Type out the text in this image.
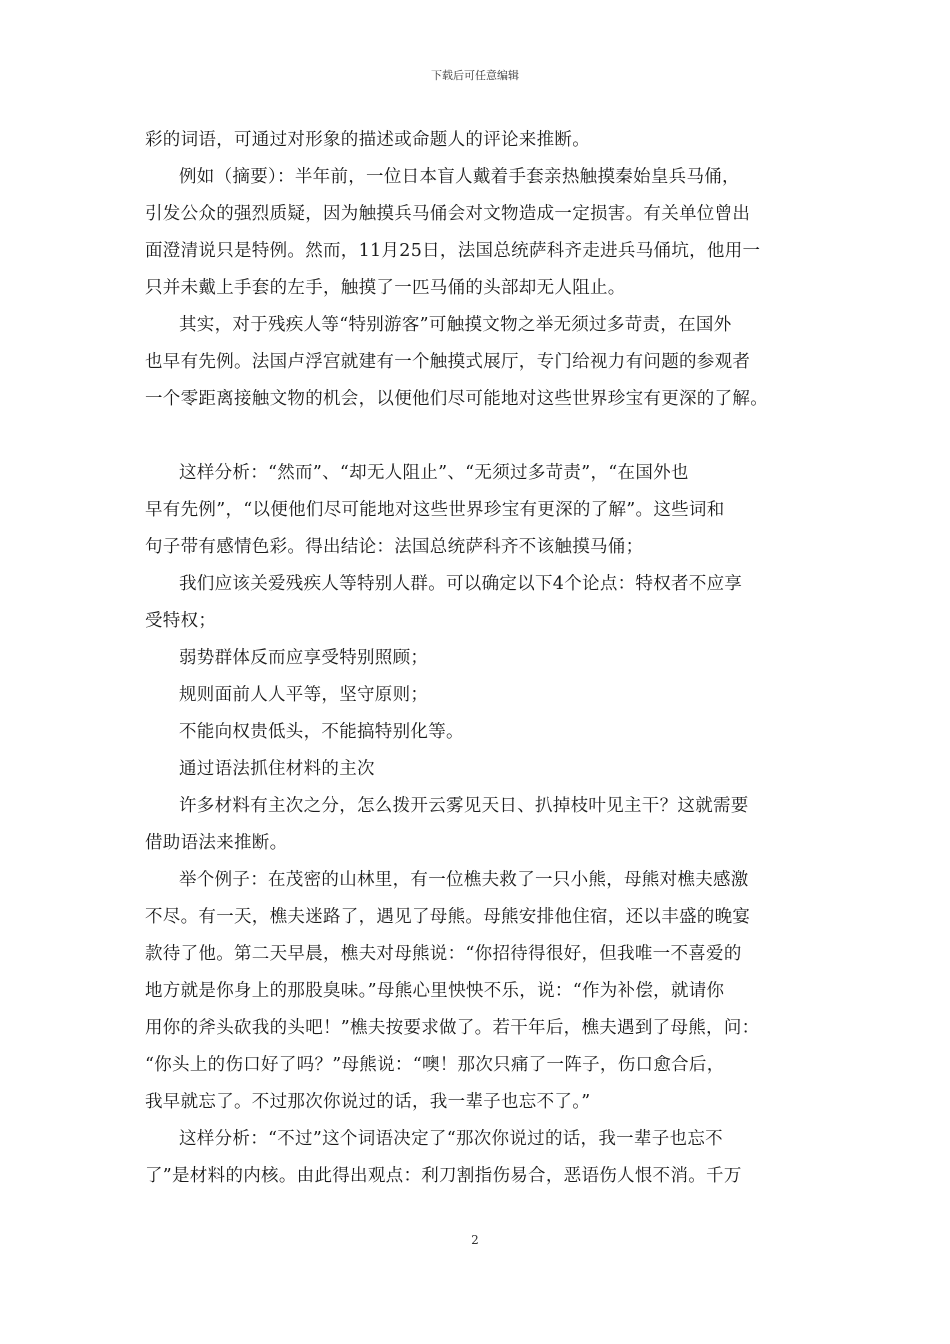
下载后可任意编辑
彩的词语，可通过对形象的描述或命题人的评论来推断。
例如（摘要）：半年前，一位日本盲人戴着手套亲热触摸秦始皇兵马俑，
引发公众的强烈质疑，因为触摸兵马俑会对文物造成一定损害。有关单位曾出
面澄清说只是特例。然而，11月25日，法国总统萨科齐走进兵马俑坑，他用一
只并未戴上手套的左手，触摸了一匹马俑的头部却无人阻止。
其实，对于残疾人等“特别游客”可触摸文物之举无须过多苛责，在国外
也早有先例。法国卢浮宫就建有一个触摸式展厅，专门给视力有问题的参观者
一个零距离接触文物的机会，以便他们尽可能地对这些世界珍宝有更深的了解。
这样分析：“然而”、“却无人阻止”、“无须过多苛责”，“在国外也
早有先例”，“以便他们尽可能地对这些世界珍宝有更深的了解”。这些词和
句子带有感情色彩。得出结论：法国总统萨科齐不该触摸马俑；
我们应该关爱残疾人等特别人群。可以确定以下4个论点：特权者不应享
受特权；
弱势群体反而应享受特别照顾；
规则面前人人平等，坚守原则；
不能向权贵低头，不能搞特别化等。
通过语法抓住材料的主次
许多材料有主次之分，怎么拨开云雾见天日、扒掉枝叶见主干？这就需要
借助语法来推断。
举个例子：在茂密的山林里，有一位樵夫救了一只小熊，母熊对樵夫感激
不尽。有一天，樵夫迷路了，遇见了母熊。母熊安排他住宿，还以丰盛的晚宴
款待了他。第二天早晨，樵夫对母熊说：“你招待得很好，但我唯一不喜爱的
地方就是你身上的那股臭味。”母熊心里怏怏不乐，说：“作为补偿，就请你
用你的斧头砍我的头吧！”樵夫按要求做了。若干年后，樵夫遇到了母熊，问：
“你头上的伤口好了吗？”母熊说：“噢！那次只痛了一阵子，伤口愈合后，
我早就忘了。不过那次你说过的话，我一辈子也忘不了。”
这样分析：“不过”这个词语决定了“那次你说过的话，我一辈子也忘不
了”是材料的内核。由此得出观点：利刀割指伤易合，恶语伤人恨不消。千万
2
